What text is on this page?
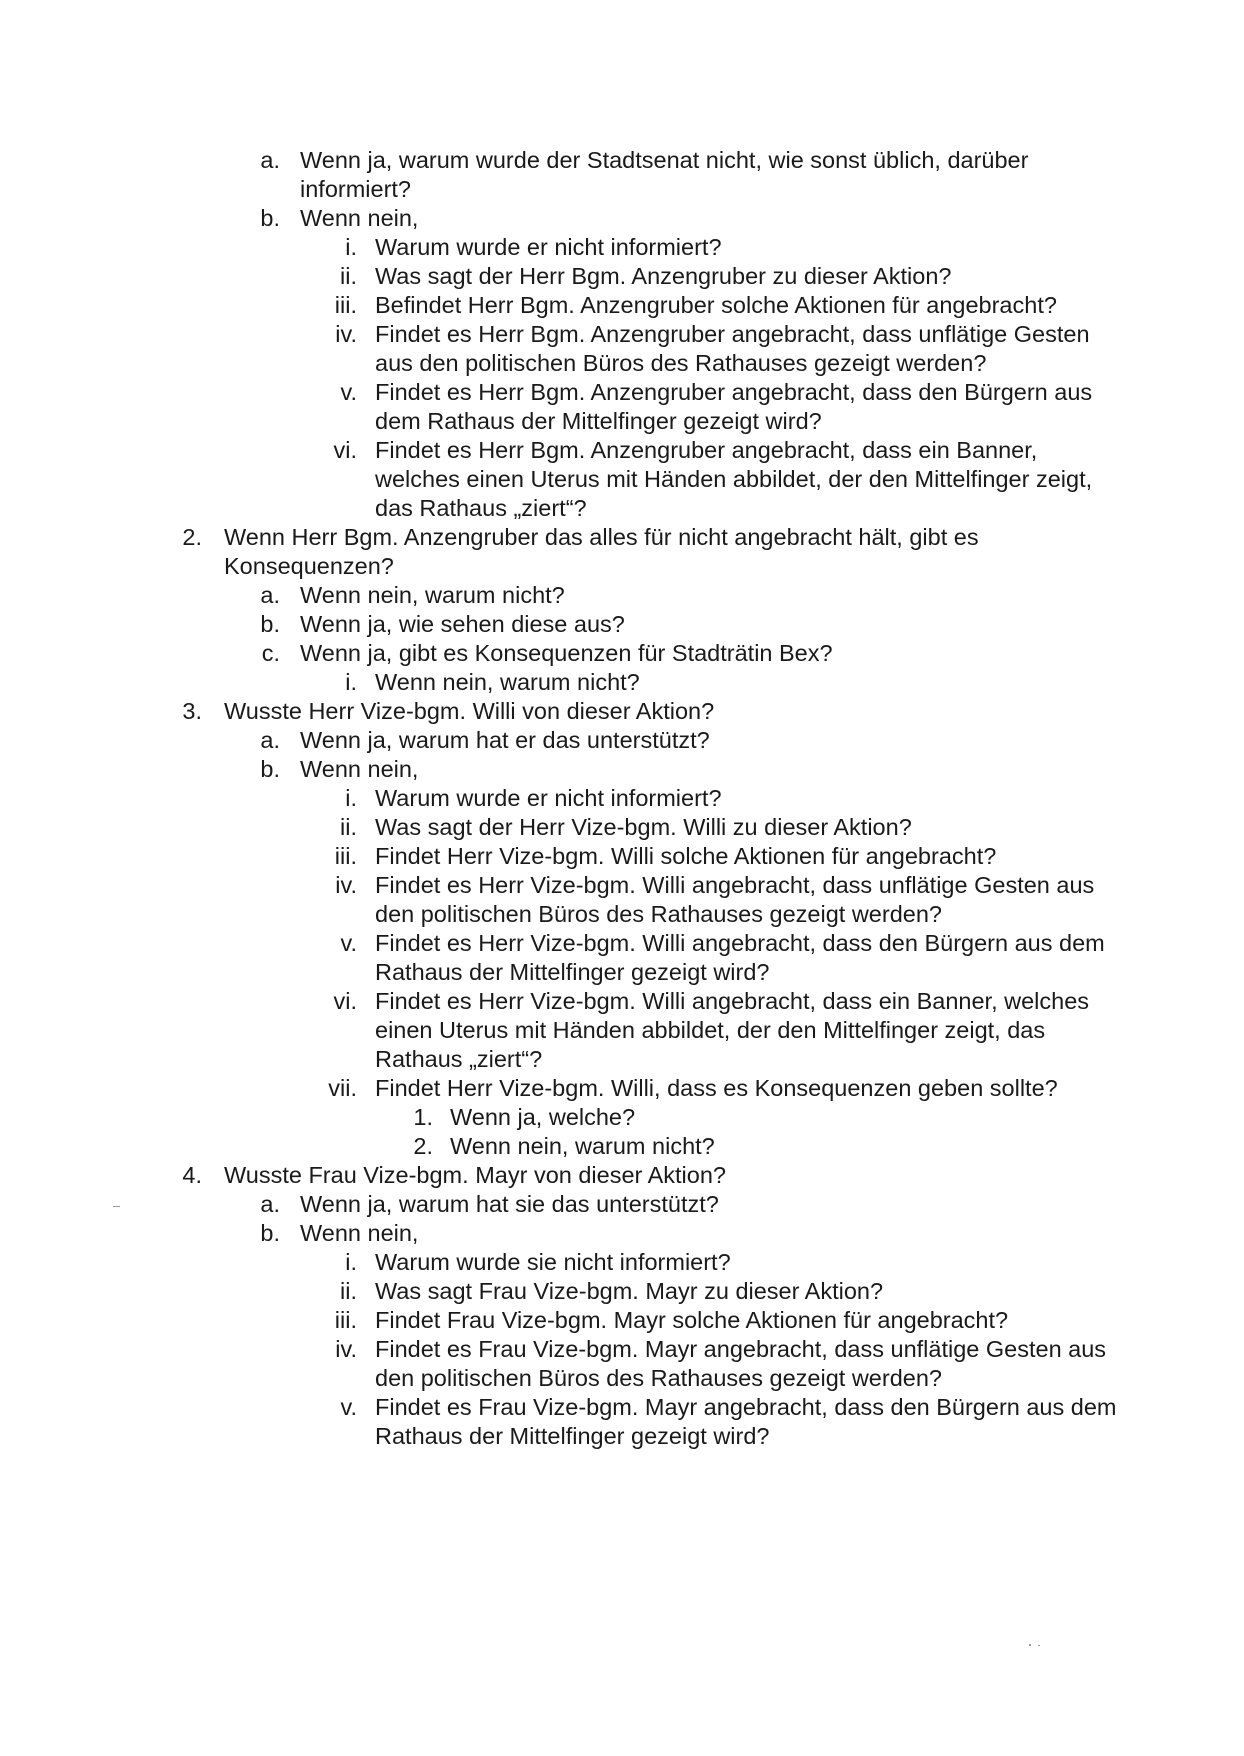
a. Wenn ja, warum wurde der Stadtsenat nicht, wie sonst üblich, darüber informiert?
b. Wenn nein,
i. Warum wurde er nicht informiert?
ii. Was sagt der Herr Bgm. Anzengruber zu dieser Aktion?
iii. Befindet Herr Bgm. Anzengruber solche Aktionen für angebracht?
iv. Findet es Herr Bgm. Anzengruber angebracht, dass unflätige Gesten aus den politischen Büros des Rathauses gezeigt werden?
v. Findet es Herr Bgm. Anzengruber angebracht, dass den Bürgern aus dem Rathaus der Mittelfinger gezeigt wird?
vi. Findet es Herr Bgm. Anzengruber angebracht, dass ein Banner, welches einen Uterus mit Händen abbildet, der den Mittelfinger zeigt, das Rathaus „ziert“?
2. Wenn Herr Bgm. Anzengruber das alles für nicht angebracht hält, gibt es Konsequenzen?
a. Wenn nein, warum nicht?
b. Wenn ja, wie sehen diese aus?
c. Wenn ja, gibt es Konsequenzen für Stadträtin Bex?
i. Wenn nein, warum nicht?
3. Wusste Herr Vize-bgm. Willi von dieser Aktion?
a. Wenn ja, warum hat er das unterstützt?
b. Wenn nein,
i. Warum wurde er nicht informiert?
ii. Was sagt der Herr Vize-bgm. Willi zu dieser Aktion?
iii. Findet Herr Vize-bgm. Willi solche Aktionen für angebracht?
iv. Findet es Herr Vize-bgm. Willi angebracht, dass unflätige Gesten aus den politischen Büros des Rathauses gezeigt werden?
v. Findet es Herr Vize-bgm. Willi angebracht, dass den Bürgern aus dem Rathaus der Mittelfinger gezeigt wird?
vi. Findet es Herr Vize-bgm. Willi angebracht, dass ein Banner, welches einen Uterus mit Händen abbildet, der den Mittelfinger zeigt, das Rathaus „ziert“?
vii. Findet Herr Vize-bgm. Willi, dass es Konsequenzen geben sollte?
1. Wenn ja, welche?
2. Wenn nein, warum nicht?
4. Wusste Frau Vize-bgm. Mayr von dieser Aktion?
a. Wenn ja, warum hat sie das unterstützt?
b. Wenn nein,
i. Warum wurde sie nicht informiert?
ii. Was sagt Frau Vize-bgm. Mayr zu dieser Aktion?
iii. Findet Frau Vize-bgm. Mayr solche Aktionen für angebracht?
iv. Findet es Frau Vize-bgm. Mayr angebracht, dass unflätige Gesten aus den politischen Büros des Rathauses gezeigt werden?
v. Findet es Frau Vize-bgm. Mayr angebracht, dass den Bürgern aus dem Rathaus der Mittelfinger gezeigt wird?
